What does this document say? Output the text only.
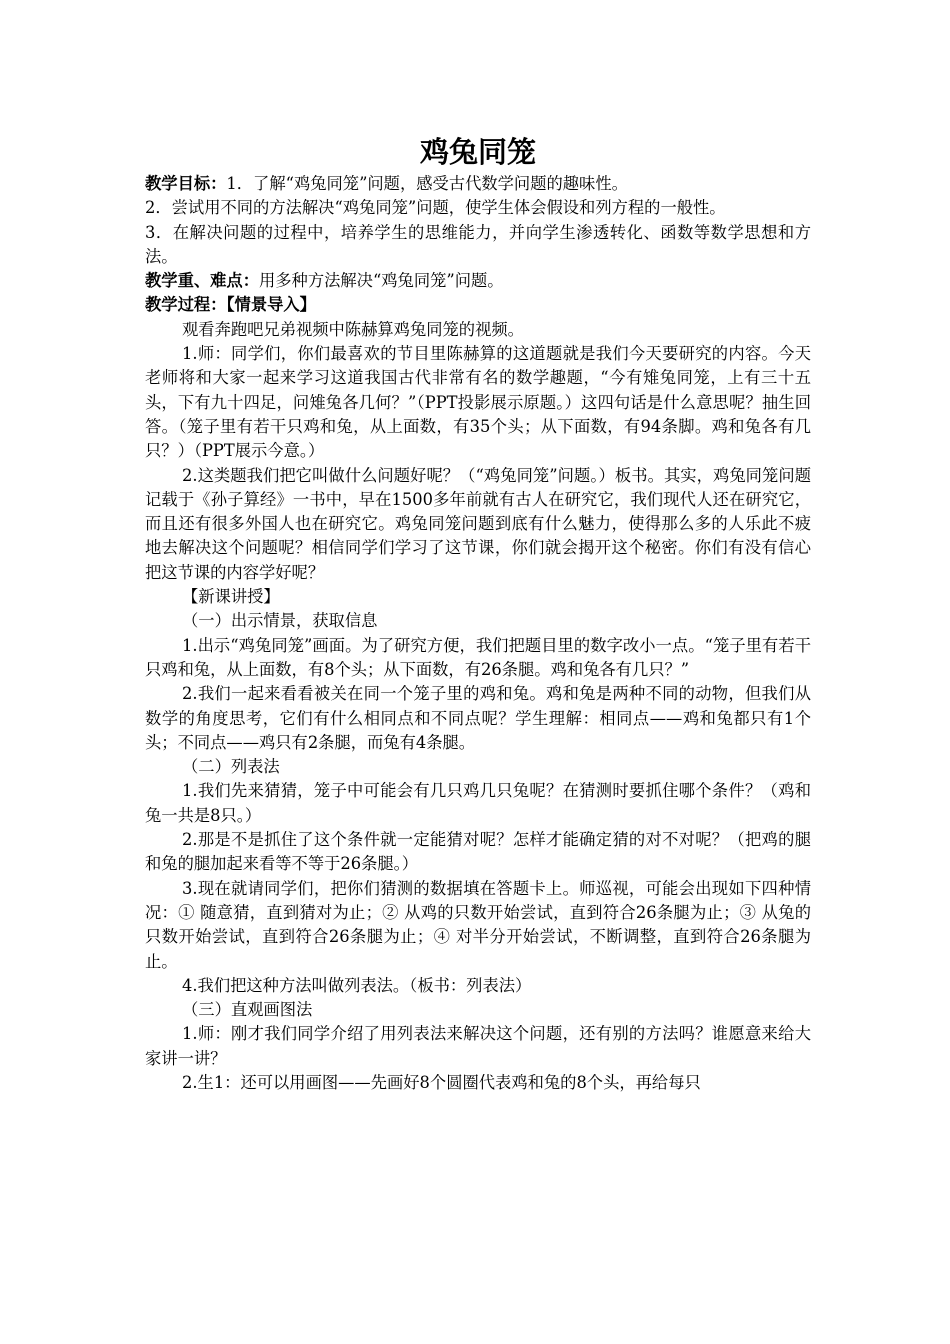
鸡兔同笼

教学目标：1．了解“鸡兔同笼”问题，感受古代数学问题的趣味性。

2．尝试用不同的方法解决“鸡兔同笼”问题，使学生体会假设和列方程的一般性。

3．在解决问题的过程中，培养学生的思维能力，并向学生渗透转化、函数等数学思想和方法。

教学重、难点：用多种方法解决“鸡兔同笼”问题。

教学过程：【情景导入】

观看奔跑吧兄弟视频中陈赫算鸡兔同笼的视频。

1.师：同学们，你们最喜欢的节目里陈赫算的这道题就是我们今天要研究的内容。今天老师将和大家一起来学习这道我国古代非常有名的数学趣题，“今有雉兔同笼，上有三十五头，下有九十四足，问雉兔各几何？”（PPT投影展示原题。）这四句话是什么意思呢？抽生回答。（笼子里有若干只鸡和兔，从上面数，有35个头；从下面数，有94条脚。鸡和兔各有几只？）（PPT展示今意。）

2.这类题我们把它叫做什么问题好呢？（“鸡兔同笼”问题。）板书。其实，鸡兔同笼问题记载于《孙子算经》一书中，早在1500多年前就有古人在研究它，我们现代人还在研究它，而且还有很多外国人也在研究它。鸡兔同笼问题到底有什么魅力，使得那么多的人乐此不疲地去解决这个问题呢？相信同学们学习了这节课，你们就会揭开这个秘密。你们有没有信心把这节课的内容学好呢？

【新课讲授】

（一）出示情景，获取信息

1.出示“鸡兔同笼”画面。为了研究方便，我们把题目里的数字改小一点。“笼子里有若干只鸡和兔，从上面数，有8个头；从下面数，有26条腿。鸡和兔各有几只？”

2.我们一起来看看被关在同一个笼子里的鸡和兔。鸡和兔是两种不同的动物，但我们从数学的角度思考，它们有什么相同点和不同点呢？学生理解：相同点——鸡和兔都只有1个头；不同点——鸡只有2条腿，而兔有4条腿。

（二）列表法

1.我们先来猜猜，笼子中可能会有几只鸡几只兔呢？在猜测时要抓住哪个条件？（鸡和兔一共是8只。）

2.那是不是抓住了这个条件就一定能猜对呢？怎样才能确定猜的对不对呢？（把鸡的腿和兔的腿加起来看等不等于26条腿。）

3.现在就请同学们，把你们猜测的数据填在答题卡上。师巡视，可能会出现如下四种情况：① 随意猜，直到猜对为止；② 从鸡的只数开始尝试，直到符合26条腿为止；③ 从兔的只数开始尝试，直到符合26条腿为止；④ 对半分开始尝试，不断调整，直到符合26条腿为止。

4.我们把这种方法叫做列表法。（板书：列表法）

（三）直观画图法

1.师：刚才我们同学介绍了用列表法来解决这个问题，还有别的方法吗？谁愿意来给大家讲一讲？

2.生1：还可以用画图——先画好8个圆圈代表鸡和兔的8个头，再给每只
